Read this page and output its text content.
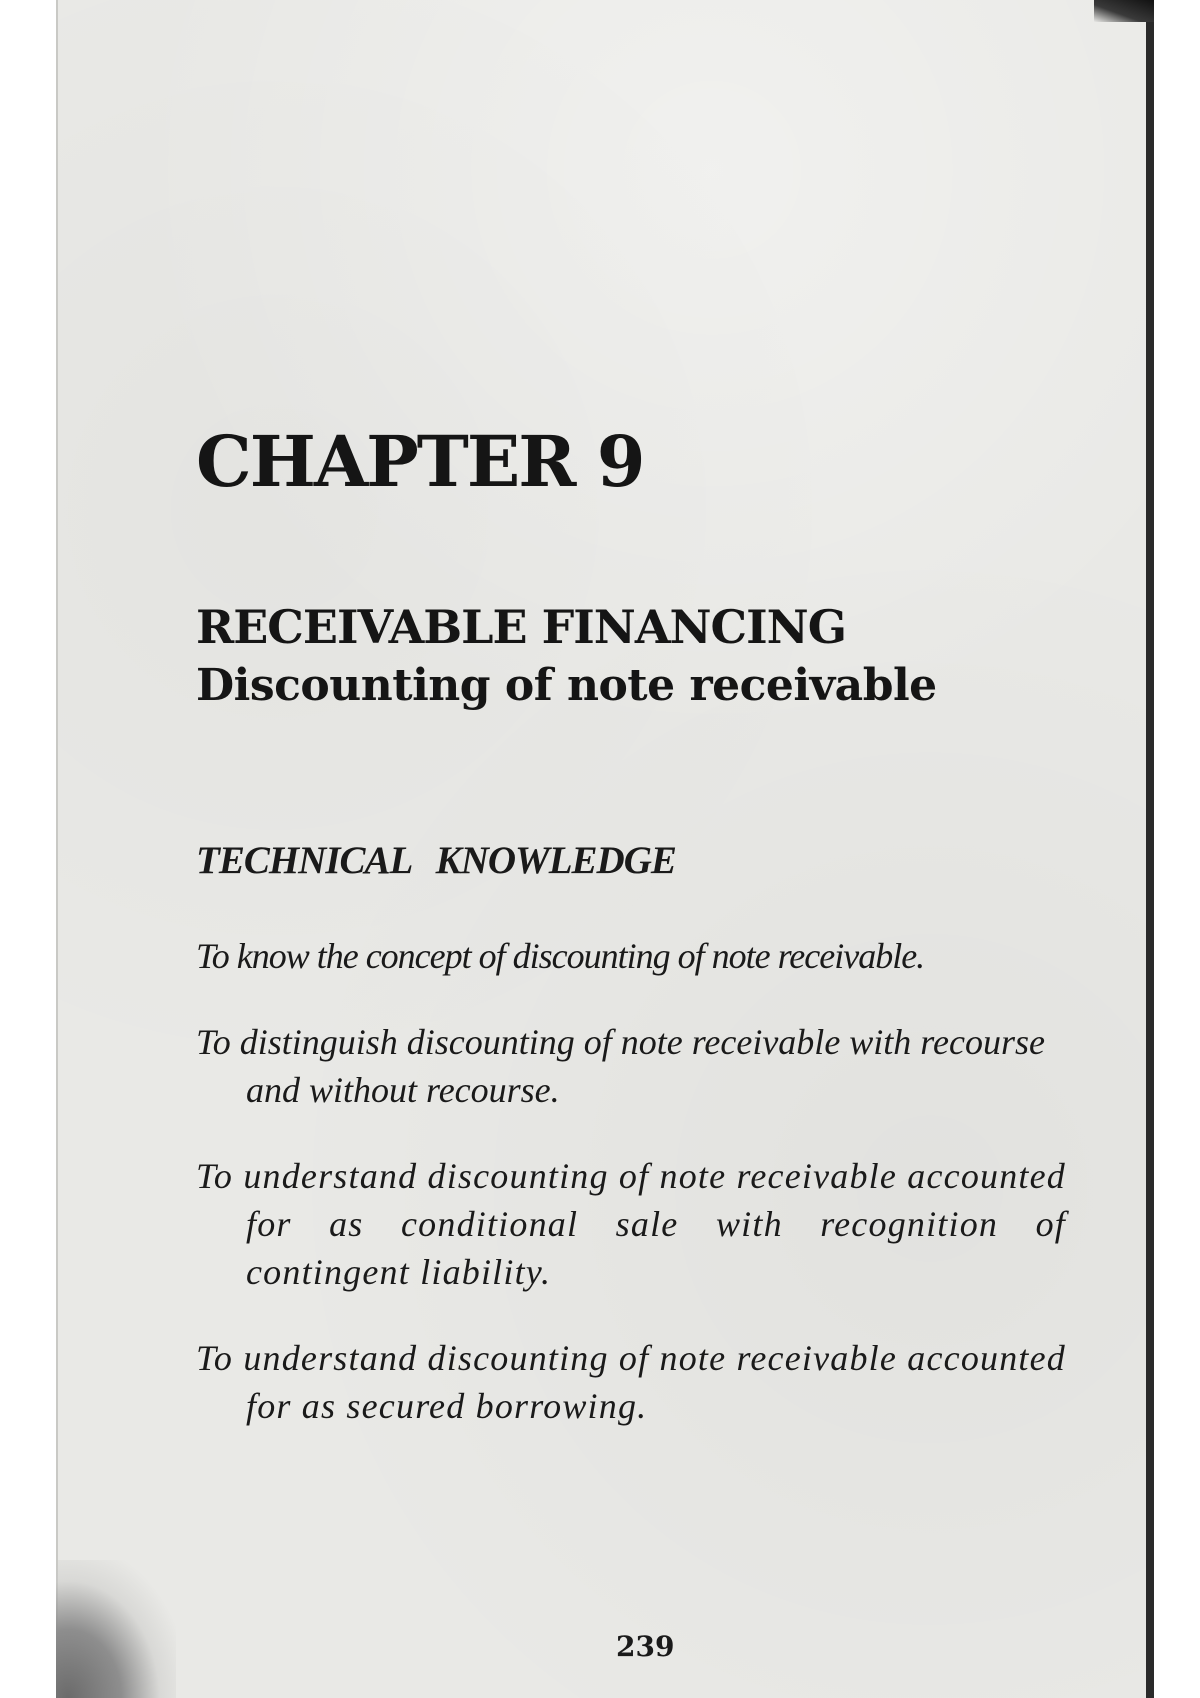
CHAPTER 9
RECEIVABLE FINANCING
Discounting of note receivable
TECHNICAL KNOWLEDGE
To know the concept of discounting of note receivable.
To distinguish discounting of note receivable with recourse and without recourse.
To understand discounting of note receivable accounted for as conditional sale with recognition of contingent liability.
To understand discounting of note receivable accounted for as secured borrowing.

239
